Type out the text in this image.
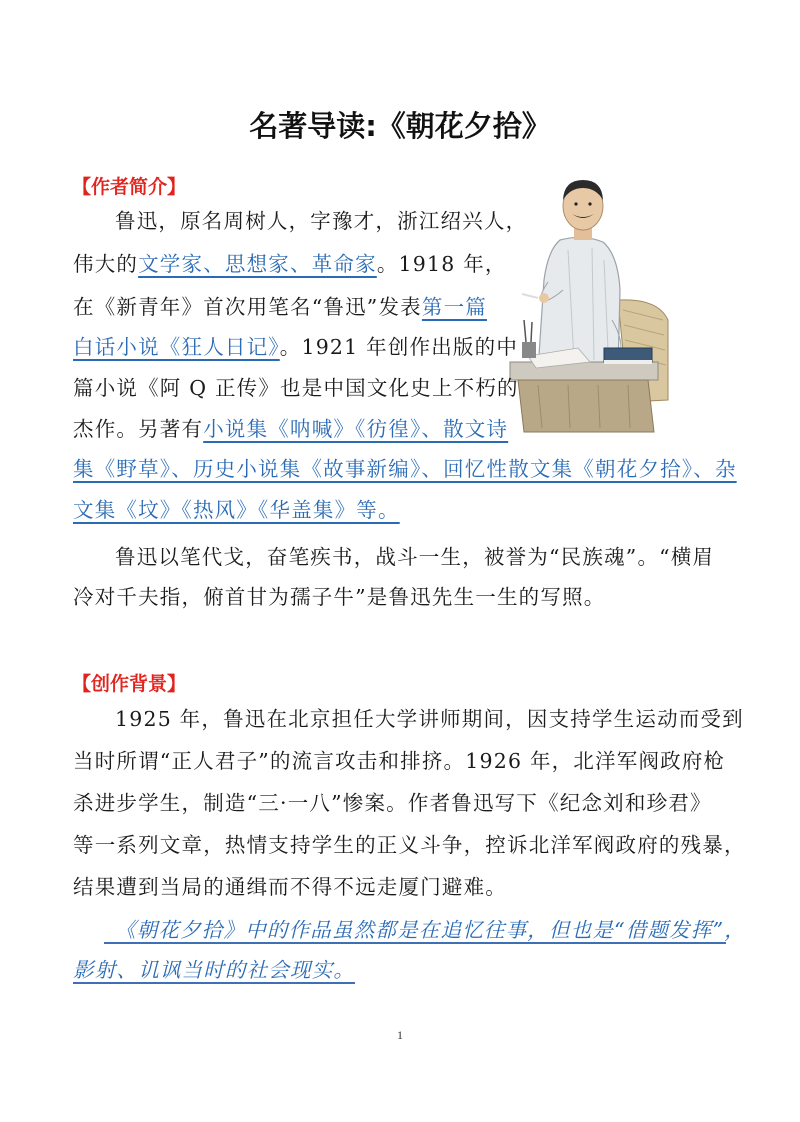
名著导读:《朝花夕拾》
【作者简介】
鲁迅，原名周树人，字豫才，浙江绍兴人，
伟大的文学家、思想家、革命家。1918 年，
在《新青年》首次用笔名“鲁迅”发表第一篇
白话小说《狂人日记》。1921 年创作出版的中
篇小说《阿 Q 正传》也是中国文化史上不朽的
杰作。另著有小说集《呐喊》《彷徨》、散文诗
集《野草》、历史小说集《故事新编》、回忆性散文集《朝花夕拾》、杂
文集《坟》《热风》《华盖集》等。
鲁迅以笔代戈，奋笔疾书，战斗一生，被誉为“民族魂”。“横眉
冷对千夫指，俯首甘为孺子牛”是鲁迅先生一生的写照。
【创作背景】
1925 年，鲁迅在北京担任大学讲师期间，因支持学生运动而受到
当时所谓“正人君子”的流言攻击和排挤。1926 年，北洋军阀政府枪
杀进步学生，制造“三·一八”惨案。作者鲁迅写下《纪念刘和珍君》
等一系列文章，热情支持学生的正义斗争，控诉北洋军阀政府的残暴，
结果遭到当局的通缉而不得不远走厦门避难。
《朝花夕拾》中的作品虽然都是在追忆往事，但也是“借题发挥”，
影射、讥讽当时的社会现实。
1
